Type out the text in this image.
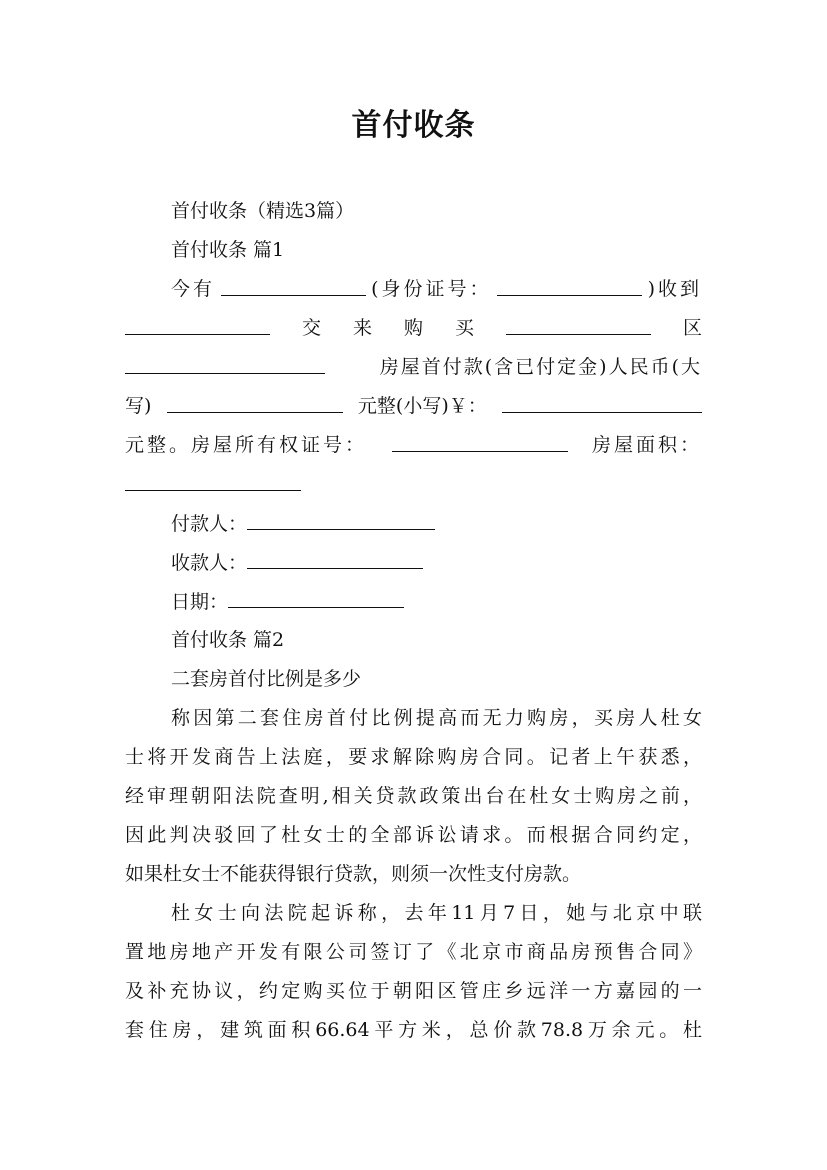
首付收条
首付收条（精选3篇）
首付收条 篇1
今有	(身份证号：	)收到
交 来 购 买	区
房屋首付款(含已付定金)人民币(大
写)	元整(小写)￥：
元整。房屋所有权证号：	房屋面积：
付款人：
收款人：
日期：
首付收条 篇2
二套房首付比例是多少
称因第二套住房首付比例提高而无力购房，买房人杜女
士将开发商告上法庭，要求解除购房合同。记者上午获悉，
经审理朝阳法院查明,相关贷款政策出台在杜女士购房之前，
因此判决驳回了杜女士的全部诉讼请求。而根据合同约定，
如果杜女士不能获得银行贷款，则须一次性支付房款。
杜女士向法院起诉称，去年11月7日，她与北京中联
置地房地产开发有限公司签订了《北京市商品房预售合同》
及补充协议，约定购买位于朝阳区管庄乡远洋一方嘉园的一
套住房，建筑面积66.64平方米，总价款78.8万余元。杜
